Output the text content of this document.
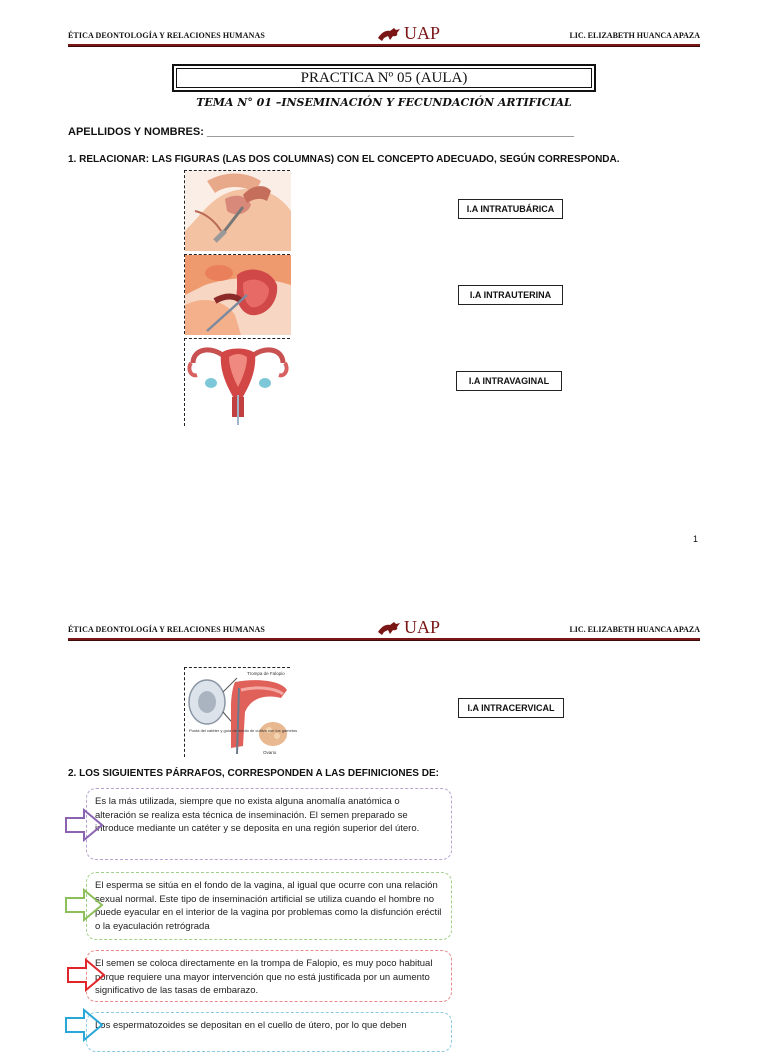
ÉTICA DEONTOLOGÍA Y RELACIONES HUMANAS	UAP	LIC. ELIZABETH HUANCA APAZA
PRACTICA Nº 05 (AULA)
TEMA N° 01 –INSEMINACIÓN Y FECUNDACIÓN ARTIFICIAL
APELLIDOS Y NOMBRES: ____________________________________________________________
1. RELACIONAR: LAS FIGURAS (LAS DOS COLUMNAS) CON EL CONCEPTO ADECUADO, SEGÚN CORRESPONDA.
I.A INTRATUBÁRICA
I.A INTRAUTERINA
I.A INTRAVAGINAL
1
ÉTICA DEONTOLOGÍA Y RELACIONES HUMANAS	UAP	LIC. ELIZABETH HUANCA APAZA
Trompa de Falopio
Punta del catéter y guía de medio de cultivo con los gametos
Ovario
I.A INTRACERVICAL
2. LOS SIGUIENTES PÁRRAFOS, CORRESPONDEN A LAS DEFINICIONES DE:
Es la más utilizada, siempre que no exista alguna anomalía anatómica o alteración se realiza esta técnica de inseminación. El semen preparado se introduce mediante un catéter y se deposita en una región superior del útero.
El esperma se sitúa en el fondo de la vagina, al igual que ocurre con una relación sexual normal. Este tipo de inseminación artificial se utiliza cuando el hombre no puede eyacular en el interior de la vagina por problemas como la disfunción eréctil o la eyaculación retrógrada
El semen se coloca directamente en la trompa de Falopio, es muy poco habitual porque requiere una mayor intervención que no está justificada por un aumento significativo de las tasas de embarazo.
Los espermatozoides se depositan en el cuello de útero, por lo que deben
